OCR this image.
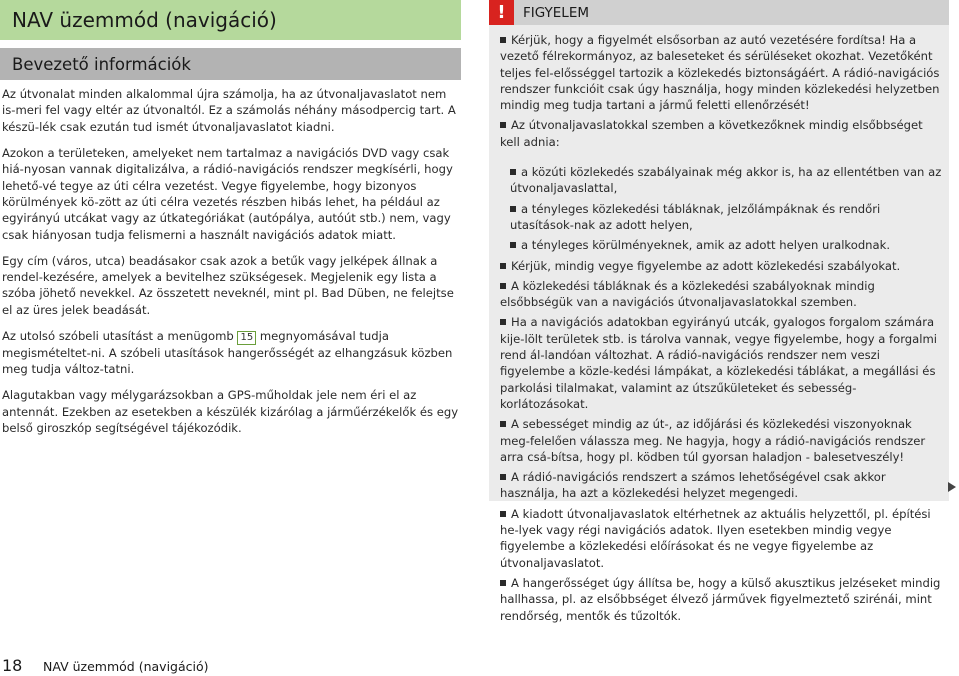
NAV üzemmód (navigáció)
Bevezető információk

Az útvonalat minden alkalommal újra számolja, ha az útvonaljavaslatot nem is-meri fel vagy eltér az útvonaltól. Ez a számolás néhány másodpercig tart. A készü-lék csak ezután tud ismét útvonaljavaslatot kiadni.

Azokon a területeken, amelyeket nem tartalmaz a navigációs DVD vagy csak hiá-nyosan vannak digitalizálva, a rádió-navigációs rendszer megkísérli, hogy lehető-vé tegye az úti célra vezetést. Vegye figyelembe, hogy bizonyos körülmények kö-zött az úti célra vezetés részben hibás lehet, ha például az egyirányú utcákat vagy az útkategóriákat (autópálya, autóút stb.) nem, vagy csak hiányosan tudja felismerni a használt navigációs adatok miatt.

Egy cím (város, utca) beadásakor csak azok a betűk vagy jelképek állnak a rendel-kezésére, amelyek a bevitelhez szükségesek. Megjelenik egy lista a szóba jöhető nevekkel. Az összetett neveknél, mint pl. Bad Düben, ne felejtse el az üres jelek beadását.

Az utolsó szóbeli utasítást a menügomb 15 megnyomásával tudja megismételtet-ni. A szóbeli utasítások hangerősségét az elhangzásuk közben meg tudja változ-tatni.

Alagutakban vagy mélygarázsokban a GPS-műholdak jele nem éri el az antennát. Ezekben az esetekben a készülék kizárólag a járműérzékelők és egy belső giroszkóp segítségével tájékozódik.

!	FIGYELEM

Kérjük, hogy a figyelmét elsősorban az autó vezetésére fordítsa! Ha a vezető félrekormányoz, az baleseteket és sérüléseket okozhat. Vezetőként teljes fel-elősséggel tartozik a közlekedés biztonságáért. A rádió-navigációs rendszer funkcióit csak úgy használja, hogy minden közlekedési helyzetben mindig meg tudja tartani a jármű feletti ellenőrzését!

Az útvonaljavaslatokkal szemben a következőknek mindig elsőbbséget kell adnia:

a közúti közlekedés szabályainak még akkor is, ha az ellentétben van az útvonaljavaslattal,

a tényleges közlekedési tábláknak, jelzőlámpáknak és rendőri utasítások-nak az adott helyen,

a tényleges körülményeknek, amik az adott helyen uralkodnak.

Kérjük, mindig vegye figyelembe az adott közlekedési szabályokat.

A közlekedési tábláknak és a közlekedési szabályoknak mindig elsőbbségük van a navigációs útvonaljavaslatokkal szemben.

Ha a navigációs adatokban egyirányú utcák, gyalogos forgalom számára kije-lölt területek stb. is tárolva vannak, vegye figyelembe, hogy a forgalmi rend ál-landóan változhat. A rádió-navigációs rendszer nem veszi figyelembe a közle-kedési lámpákat, a közlekedési táblákat, a megállási és parkolási tilalmakat, valamint az útszűkületeket és sebesség-korlátozásokat.

A sebességet mindig az út-, az időjárási és közlekedési viszonyoknak meg-felelően válassza meg. Ne hagyja, hogy a rádió-navigációs rendszer arra csá-bítsa, hogy pl. ködben túl gyorsan haladjon - balesetveszély!

A rádió-navigációs rendszert a számos lehetőségével csak akkor használja, ha azt a közlekedési helyzet megengedi.

A kiadott útvonaljavaslatok eltérhetnek az aktuális helyzettől, pl. építési he-lyek vagy régi navigációs adatok. Ilyen esetekben mindig vegye figyelembe a közlekedési előírásokat és ne vegye figyelembe az útvonaljavaslatot.

A hangerősséget úgy állítsa be, hogy a külső akusztikus jelzéseket mindig hallhassa, pl. az elsőbbséget élvező járművek figyelmeztető szirénái, mint rendőrség, mentők és tűzoltók.

18 NAV üzemmód (navigáció)
